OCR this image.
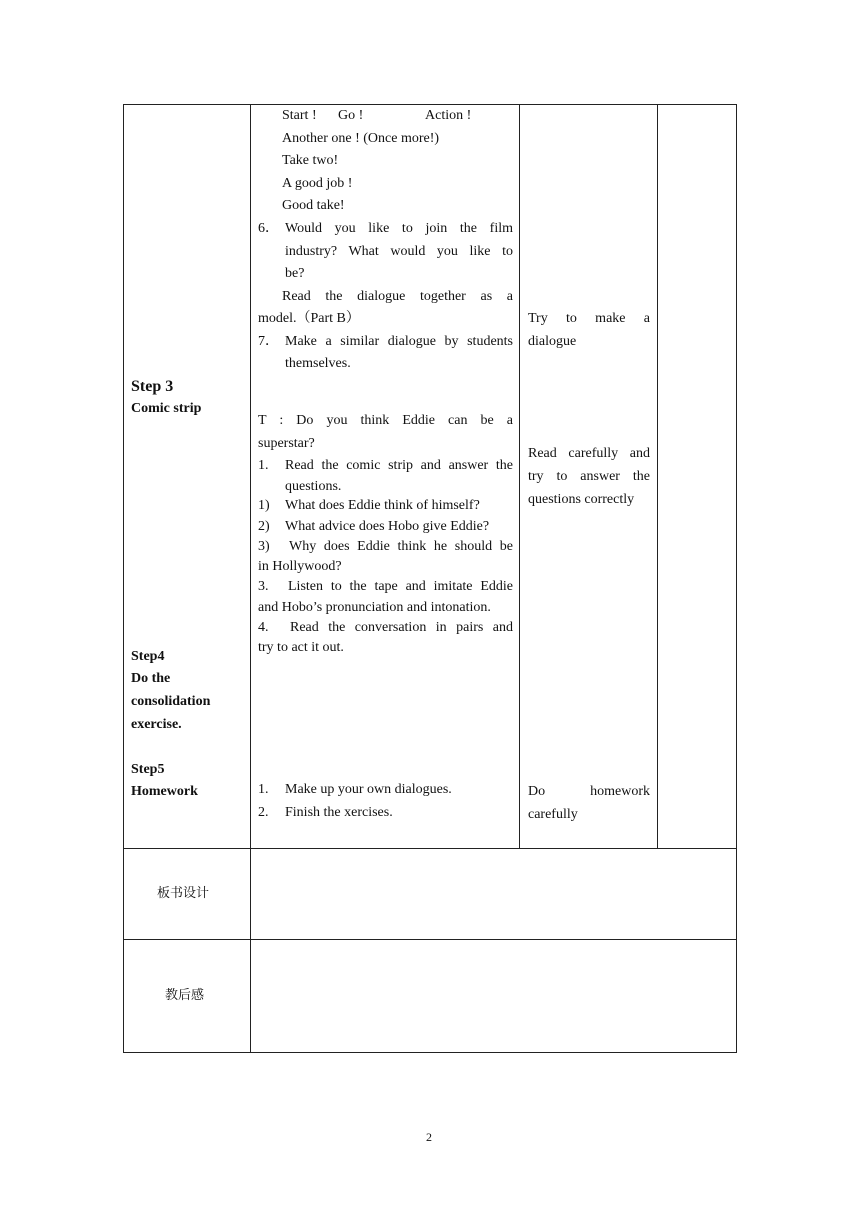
Step 3
Comic strip
Step4
Do the
consolidation
exercise.
Step5
Homework
Start ! Go !	Action !
Another one ! (Once more!)
Take two!
A good job !
Good take!
6． Would you like to join the film
industry? What would you like to
be?
Read the dialogue together as a
model.（Part B）
7． Make a similar dialogue by students
themselves.
T : Do you think Eddie can be a
superstar?
1. Read the comic strip and answer the
questions.
1) What does Eddie think of himself?
2) What advice does Hobo give Eddie?
3) Why does Eddie think he should be
in Hollywood?
3. Listen to the tape and imitate Eddie
and Hobo’s pronunciation and intonation.
4. Read the conversation in pairs and
try to act it out.
1. Make up your own dialogues.
2. Finish the xercises.
Try to make a
dialogue
Read carefully and
try to answer the
questions correctly
Do homework
carefully
板书设计
教后感
2
